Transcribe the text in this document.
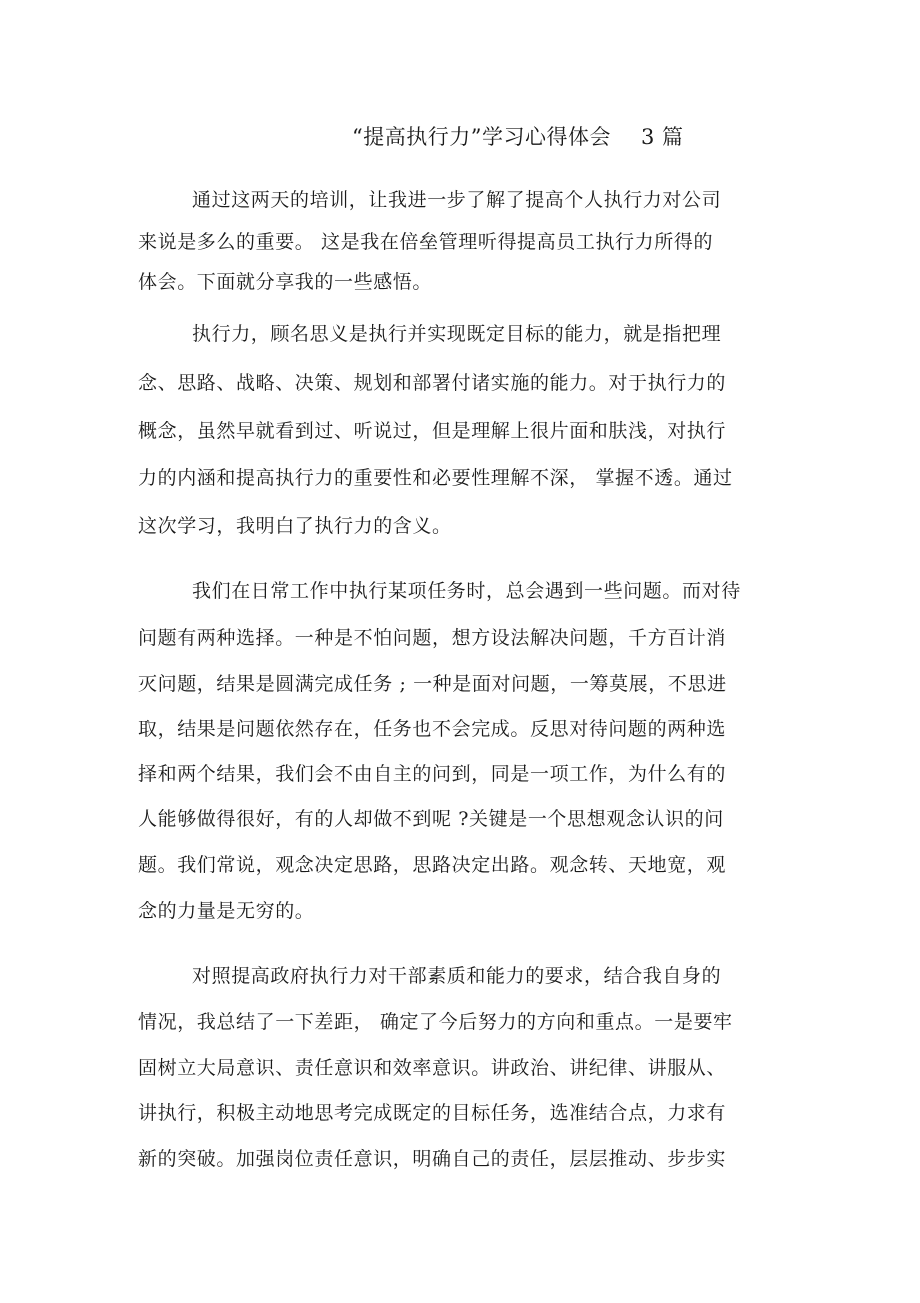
“提高执行力”学习心得体会 3 篇
通过这两天的培训，让我进一步了解了提高个人执行力对公司
来说是多么的重要。 这是我在倍垒管理听得提高员工执行力所得的
体会。下面就分享我的一些感悟。
执行力，顾名思义是执行并实现既定目标的能力，就是指把理
念、思路、战略、决策、规划和部署付诸实施的能力。对于执行力的
概念，虽然早就看到过、听说过，但是理解上很片面和肤浅，对执行
力的内涵和提高执行力的重要性和必要性理解不深， 掌握不透。通过
这次学习，我明白了执行力的含义。
我们在日常工作中执行某项任务时，总会遇到一些问题。而对待
问题有两种选择。一种是不怕问题，想方设法解决问题，千方百计消
灭问题，结果是圆满完成任务 ; 一种是面对问题，一筹莫展，不思进
取，结果是问题依然存在，任务也不会完成。反思对待问题的两种选
择和两个结果，我们会不由自主的问到，同是一项工作，为什么有的
人能够做得很好，有的人却做不到呢 ?关键是一个思想观念认识的问
题。我们常说，观念决定思路，思路决定出路。观念转、天地宽，观
念的力量是无穷的。
对照提高政府执行力对干部素质和能力的要求，结合我自身的
情况，我总结了一下差距， 确定了今后努力的方向和重点。一是要牢
固树立大局意识、责任意识和效率意识。讲政治、讲纪律、讲服从、
讲执行，积极主动地思考完成既定的目标任务，选准结合点，力求有
新的突破。加强岗位责任意识，明确自己的责任，层层推动、步步实
